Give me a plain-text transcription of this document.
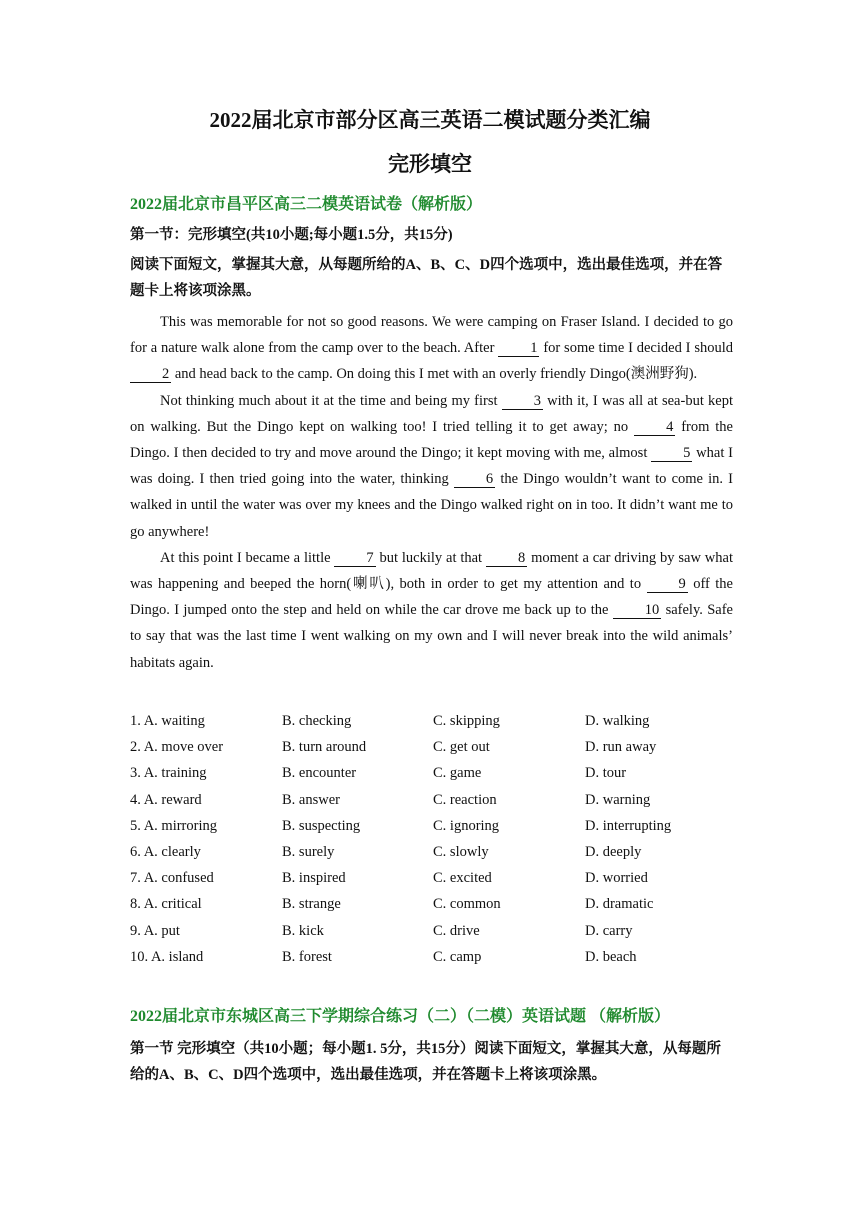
2022届北京市部分区高三英语二模试题分类汇编
完形填空
2022届北京市昌平区高三二模英语试卷（解析版）
第一节：完形填空(共10小题;每小题1.5分，共15分)
阅读下面短文，掌握其大意，从每题所给的A、B、C、D四个选项中，选出最佳选项，并在答题卡上将该项涂黑。

This was memorable for not so good reasons. We were camping on Fraser Island. I decided to go for a nature walk alone from the camp over to the beach. After 1 for some time I decided I should 2 and head back to the camp. On doing this I met with an overly friendly Dingo(澳洲野狗).

Not thinking much about it at the time and being my first 3 with it, I was all at sea-but kept on walking. But the Dingo kept on walking too! I tried telling it to get away; no 4 from the Dingo. I then decided to try and move around the Dingo; it kept moving with me, almost 5 what I was doing. I then tried going into the water, thinking 6 the Dingo wouldn’t want to come in. I walked in until the water was over my knees and the Dingo walked right on in too. It didn’t want me to go anywhere!

At this point I became a little 7 but luckily at that 8 moment a car driving by saw what was happening and beeped the horn(喇叭), both in order to get my attention and to 9 off the Dingo. I jumped onto the step and held on while the car drove me back up to the 10 safely. Safe to say that was the last time I went walking on my own and I will never break into the wild animals’ habitats again.

1. A. waiting	B. checking	C. skipping	D. walking
2. A. move over	B. turn around	C. get out	D. run away
3. A. training	B. encounter	C. game	D. tour
4. A. reward	B. answer	C. reaction	D. warning
5. A. mirroring	B. suspecting	C. ignoring	D. interrupting
6. A. clearly	B. surely	C. slowly	D. deeply
7. A. confused	B. inspired	C. excited	D. worried
8. A. critical	B. strange	C. common	D. dramatic
9. A. put	B. kick	C. drive	D. carry
10. A. island	B. forest	C. camp	D. beach
2022届北京市东城区高三下学期综合练习（二）（二模）英语试题 （解析版）
第一节 完形填空（共10小题；每小题1. 5分，共15分）阅读下面短文，掌握其大意，从每题所给的A、B、C、D四个选项中，选出最佳选项，并在答题卡上将该项涂黑。
